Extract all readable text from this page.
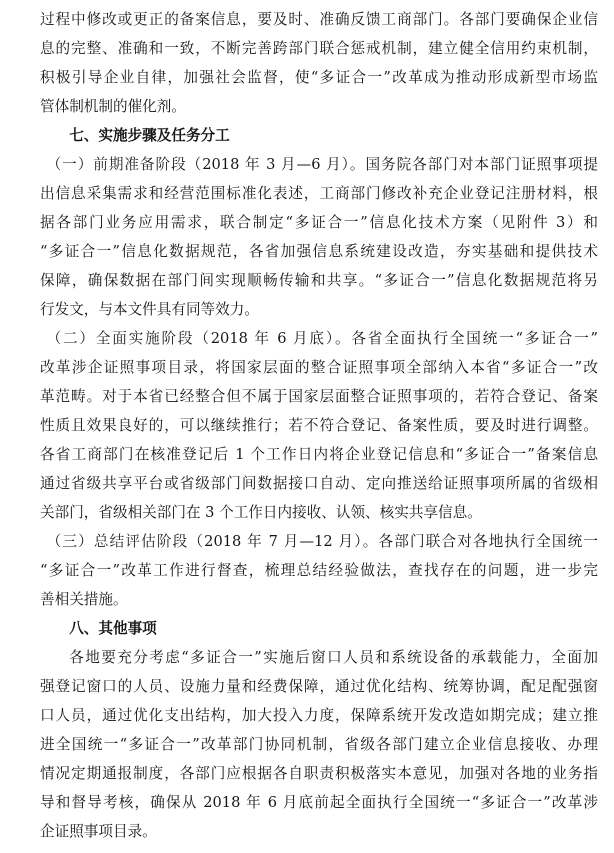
过程中修改或更正的备案信息，要及时、准确反馈工商部门。各部门要确保企业信
息的完整、准确和一致，不断完善跨部门联合惩戒机制，建立健全信用约束机制，
积极引导企业自律，加强社会监督，使“多证合一”改革成为推动形成新型市场监
管体制机制的催化剂。
七、实施步骤及任务分工
（一）前期准备阶段（2018 年 3 月—6 月）。国务院各部门对本部门证照事项提
出信息采集需求和经营范围标准化表述，工商部门修改补充企业登记注册材料，根
据各部门业务应用需求，联合制定“多证合一”信息化技术方案（见附件 3）和
“多证合一”信息化数据规范，各省加强信息系统建设改造，夯实基础和提供技术
保障，确保数据在部门间实现顺畅传输和共享。“多证合一”信息化数据规范将另
行发文，与本文件具有同等效力。
（二）全面实施阶段（2018 年 6 月底）。各省全面执行全国统一“多证合一”
改革涉企证照事项目录，将国家层面的整合证照事项全部纳入本省“多证合一”改
革范畴。对于本省已经整合但不属于国家层面整合证照事项的，若符合登记、备案
性质且效果良好的，可以继续推行；若不符合登记、备案性质，要及时进行调整。
各省工商部门在核准登记后 1 个工作日内将企业登记信息和“多证合一”备案信息
通过省级共享平台或省级部门间数据接口自动、定向推送给证照事项所属的省级相
关部门，省级相关部门在 3 个工作日内接收、认领、核实共享信息。
（三）总结评估阶段（2018 年 7 月—12 月）。各部门联合对各地执行全国统一
“多证合一”改革工作进行督查，梳理总结经验做法，查找存在的问题，进一步完
善相关措施。
八、其他事项
各地要充分考虑“多证合一”实施后窗口人员和系统设备的承载能力，全面加
强登记窗口的人员、设施力量和经费保障，通过优化结构、统筹协调，配足配强窗
口人员，通过优化支出结构，加大投入力度，保障系统开发改造如期完成；建立推
进全国统一“多证合一”改革部门协同机制，省级各部门建立企业信息接收、办理
情况定期通报制度，各部门应根据各自职责积极落实本意见，加强对各地的业务指
导和督导考核，确保从 2018 年 6 月底前起全面执行全国统一“多证合一”改革涉
企证照事项目录。
